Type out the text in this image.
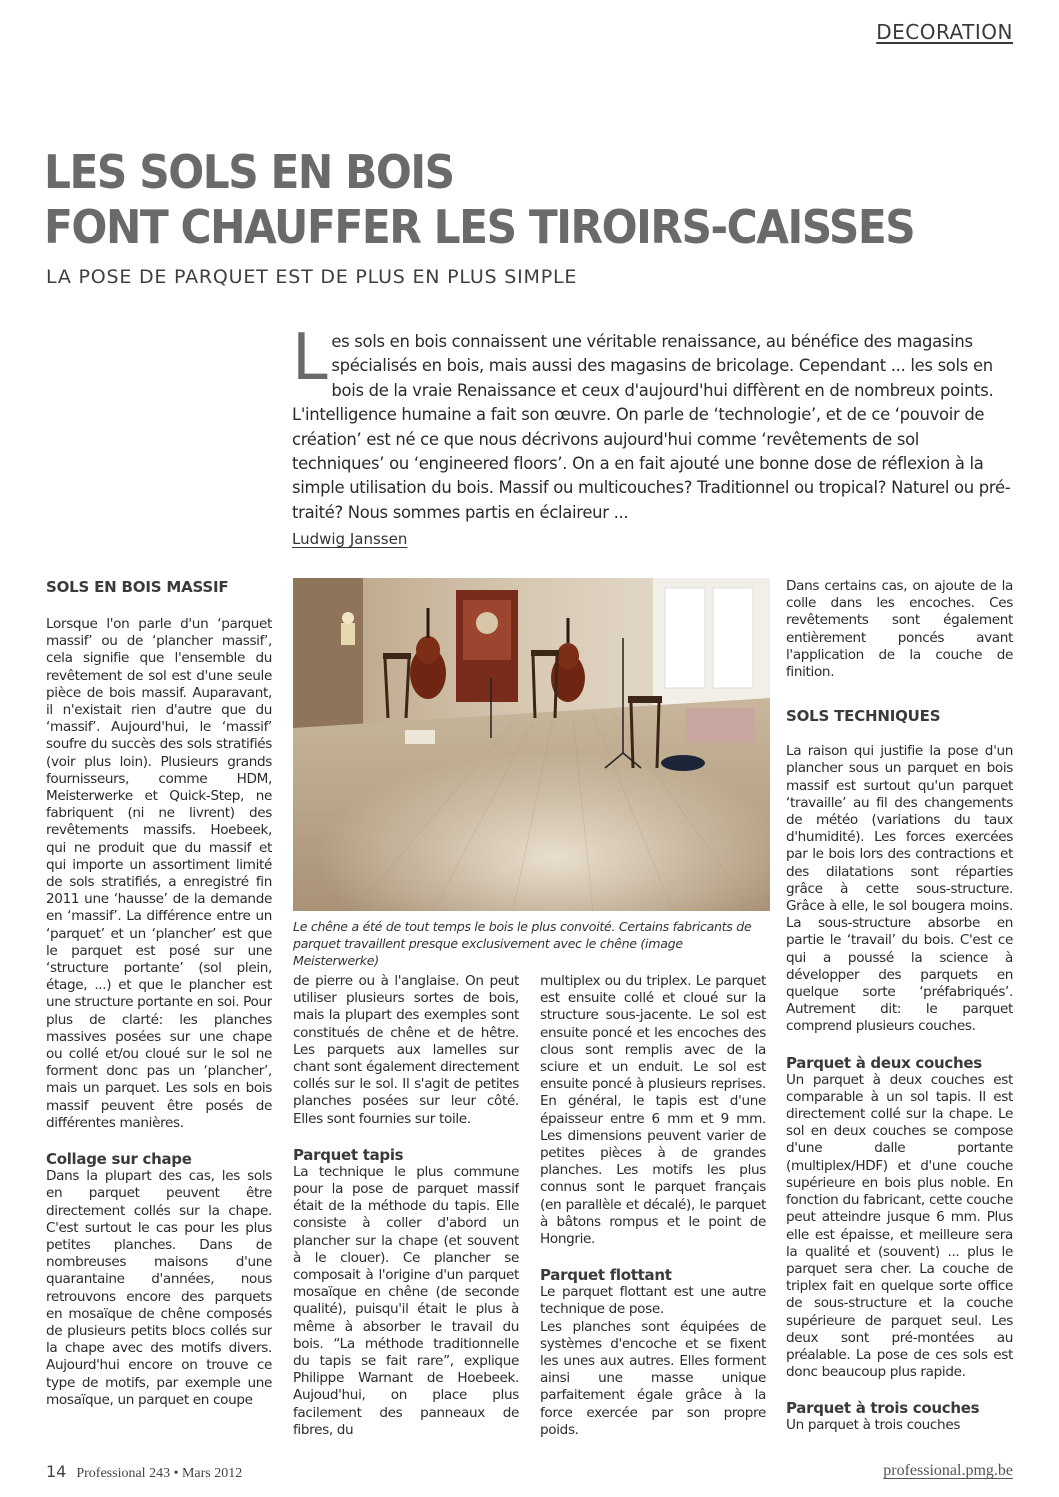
DECORATION
LES SOLS EN BOIS
FONT CHAUFFER LES TIROIRS-CAISSES
LA POSE DE PARQUET EST DE PLUS EN PLUS SIMPLE

Les sols en bois connaissent une véritable renaissance, au bénéfice des magasins spécialisés en bois, mais aussi des magasins de bricolage. Cependant ... les sols en bois de la vraie Renaissance et ceux d'aujourd'hui diffèrent en de nombreux points. L'intelligence humaine a fait son œuvre. On parle de ‘technologie’, et de ce ‘pouvoir de création’ est né ce que nous décrivons aujourd'hui comme ‘revêtements de sol techniques’ ou ‘engineered floors’. On a en fait ajouté une bonne dose de réflexion à la simple utilisation du bois. Massif ou multicouches? Traditionnel ou tropical? Naturel ou pré-traité? Nous sommes partis en éclaireur ...

Ludwig Janssen
SOLS EN BOIS MASSIF

Lorsque l'on parle d'un ‘parquet massif’ ou de ‘plancher massif’, cela signifie que l'ensemble du revêtement de sol est d'une seule pièce de bois massif. Auparavant, il n'existait rien d'autre que du ‘massif’. Aujourd'hui, le ‘massif’ soufre du succès des sols stratifiés (voir plus loin). Plusieurs grands fournisseurs, comme HDM, Meisterwerke et Quick-Step, ne fabriquent (ni ne livrent) des revêtements massifs. Hoebeek, qui ne produit que du massif et qui importe un assortiment limité de sols stratifiés, a enregistré fin 2011 une ‘hausse’ de la demande en ‘massif’. La différence entre un ‘parquet’ et un ‘plancher’ est que le parquet est posé sur une ‘structure portante’ (sol plein, étage, ...) et que le plancher est une structure portante en soi. Pour plus de clarté: les planches massives posées sur une chape ou collé et/ou cloué sur le sol ne forment donc pas un ‘plancher’, mais un parquet. Les sols en bois massif peuvent être posés de différentes manières.

Collage sur chape

Dans la plupart des cas, les sols en parquet peuvent être directement collés sur la chape. C'est surtout le cas pour les plus petites planches. Dans de nombreuses maisons d'une quarantaine d'années, nous retrouvons encore des parquets en mosaïque de chêne composés de plusieurs petits blocs collés sur la chape avec des motifs divers. Aujourd'hui encore on trouve ce type de motifs, par exemple une mosaïque, un parquet en coupe

Le chêne a été de tout temps le bois le plus convoité. Certains fabricants de parquet travaillent presque exclusivement avec le chêne (image Meisterwerke)

de pierre ou à l'anglaise. On peut utiliser plusieurs sortes de bois, mais la plupart des exemples sont constitués de chêne et de hêtre. Les parquets aux lamelles sur chant sont également directement collés sur le sol. Il s'agit de petites planches posées sur leur côté. Elles sont fournies sur toile.

Parquet tapis

La technique le plus commune pour la pose de parquet massif était de la méthode du tapis. Elle consiste à coller d'abord un plancher sur la chape (et souvent à le clouer). Ce plancher se composait à l'origine d'un parquet mosaïque en chêne (de seconde qualité), puisqu'il était le plus à même à absorber le travail du bois. “La méthode traditionnelle du tapis se fait rare”, explique Philippe Warnant de Hoebeek. Aujoud'hui, on place plus facilement des panneaux de fibres, du

multiplex ou du triplex. Le parquet est ensuite collé et cloué sur la structure sous-jacente. Le sol est ensuite poncé et les encoches des clous sont remplis avec de la sciure et un enduit. Le sol est ensuite poncé à plusieurs reprises. En général, le tapis est d'une épaisseur entre 6 mm et 9 mm. Les dimensions peuvent varier de petites pièces à de grandes planches. Les motifs les plus connus sont le parquet français (en parallèle et décalé), le parquet à bâtons rompus et le point de Hongrie.

Parquet flottant

Le parquet flottant est une autre technique de pose.

Les planches sont équipées de systèmes d'encoche et se fixent les unes aux autres. Elles forment ainsi une masse unique parfaitement égale grâce à la force exercée par son propre poids.

Dans certains cas, on ajoute de la colle dans les encoches. Ces revêtements sont également entièrement poncés avant l'application de la couche de finition.

SOLS TECHNIQUES

La raison qui justifie la pose d'un plancher sous un parquet en bois massif est surtout qu'un parquet ‘travaille’ au fil des changements de météo (variations du taux d'humidité). Les forces exercées par le bois lors des contractions et des dilatations sont réparties grâce à cette sous-structure. Grâce à elle, le sol bougera moins. La sous-structure absorbe en partie le ‘travail’ du bois. C'est ce qui a poussé la science à développer des parquets en quelque sorte ‘préfabriqués’. Autrement dit: le parquet comprend plusieurs couches.

Parquet à deux couches

Un parquet à deux couches est comparable à un sol tapis. Il est directement collé sur la chape. Le sol en deux couches se compose d'une dalle portante (multiplex/HDF) et d'une couche supérieure en bois plus noble. En fonction du fabricant, cette couche peut atteindre jusque 6 mm. Plus elle est épaisse, et meilleure sera la qualité et (souvent) ... plus le parquet sera cher. La couche de triplex fait en quelque sorte office de sous-structure et la couche supérieure de parquet seul. Les deux sont pré-montées au préalable. La pose de ces sols est donc beaucoup plus rapide.

Parquet à trois couches

Un parquet à trois couches

14 Professional 243 • Mars 2012	professional.pmg.be
